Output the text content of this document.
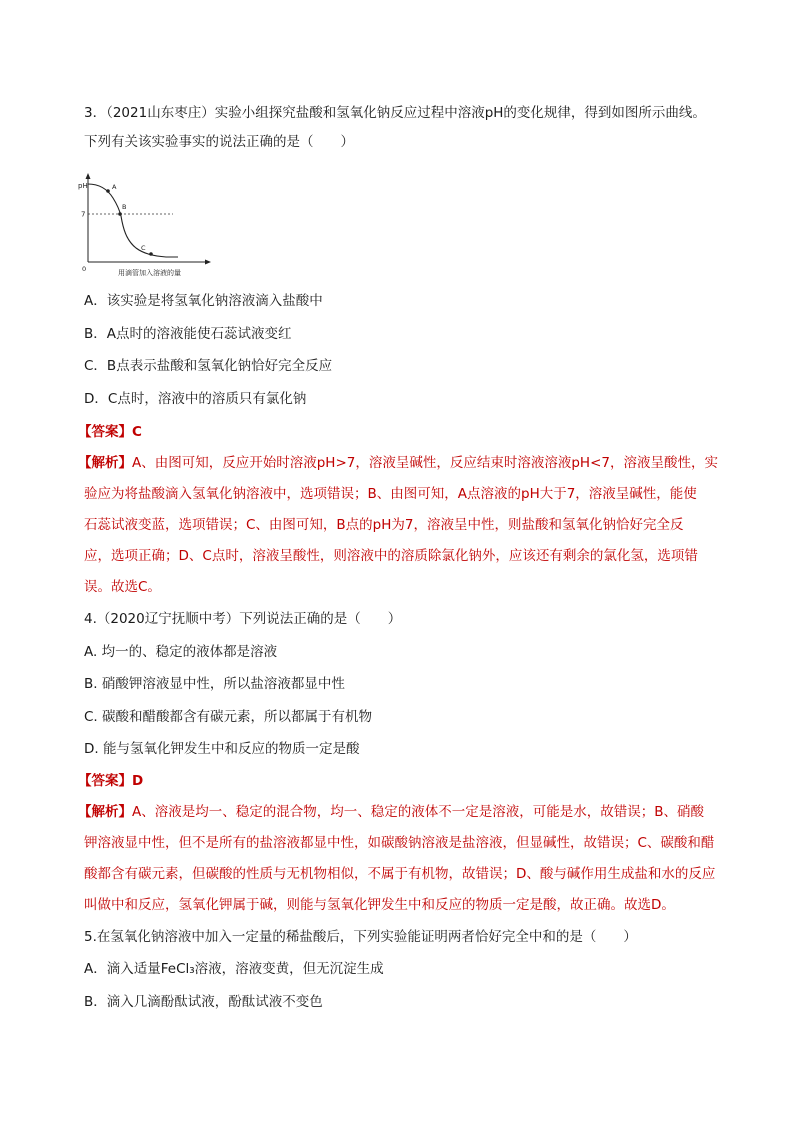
3．（2021山东枣庄）实验小组探究盐酸和氢氧化钠反应过程中溶液pH的变化规律，得到如图所示曲线。
下列有关该实验事实的说法正确的是（　　）
pH
7
0
A
B
C
用滴管加入溶液的量
A．该实验是将氢氧化钠溶液滴入盐酸中
B．A点时的溶液能使石蕊试液变红
C．B点表示盐酸和氢氧化钠恰好完全反应
D．C点时，溶液中的溶质只有氯化钠
【答案】C
【解析】A、由图可知，反应开始时溶液pH>7，溶液呈碱性，反应结束时溶液溶液pH<7，溶液呈酸性，实
验应为将盐酸滴入氢氧化钠溶液中，选项错误；B、由图可知，A点溶液的pH大于7，溶液呈碱性，能使
石蕊试液变蓝，选项错误；C、由图可知，B点的pH为7，溶液呈中性，则盐酸和氢氧化钠恰好完全反
应，选项正确；D、C点时，溶液呈酸性，则溶液中的溶质除氯化钠外，应该还有剩余的氯化氢，选项错
误。故选C。
4.（2020辽宁抚顺中考）下列说法正确的是（　　）
A. 均一的、稳定的液体都是溶液
B. 硝酸钾溶液显中性，所以盐溶液都显中性
C. 碳酸和醋酸都含有碳元素，所以都属于有机物
D. 能与氢氧化钾发生中和反应的物质一定是酸
【答案】D
【解析】A、溶液是均一、稳定的混合物，均一、稳定的液体不一定是溶液，可能是水，故错误；B、硝酸
钾溶液显中性，但不是所有的盐溶液都显中性，如碳酸钠溶液是盐溶液，但显碱性，故错误；C、碳酸和醋
酸都含有碳元素，但碳酸的性质与无机物相似，不属于有机物，故错误；D、酸与碱作用生成盐和水的反应
叫做中和反应，氢氧化钾属于碱，则能与氢氧化钾发生中和反应的物质一定是酸，故正确。故选D。
5.在氢氧化钠溶液中加入一定量的稀盐酸后，下列实验能证明两者恰好完全中和的是（　　）
A．滴入适量FeCl₃溶液，溶液变黄，但无沉淀生成
B．滴入几滴酚酞试液，酚酞试液不变色
